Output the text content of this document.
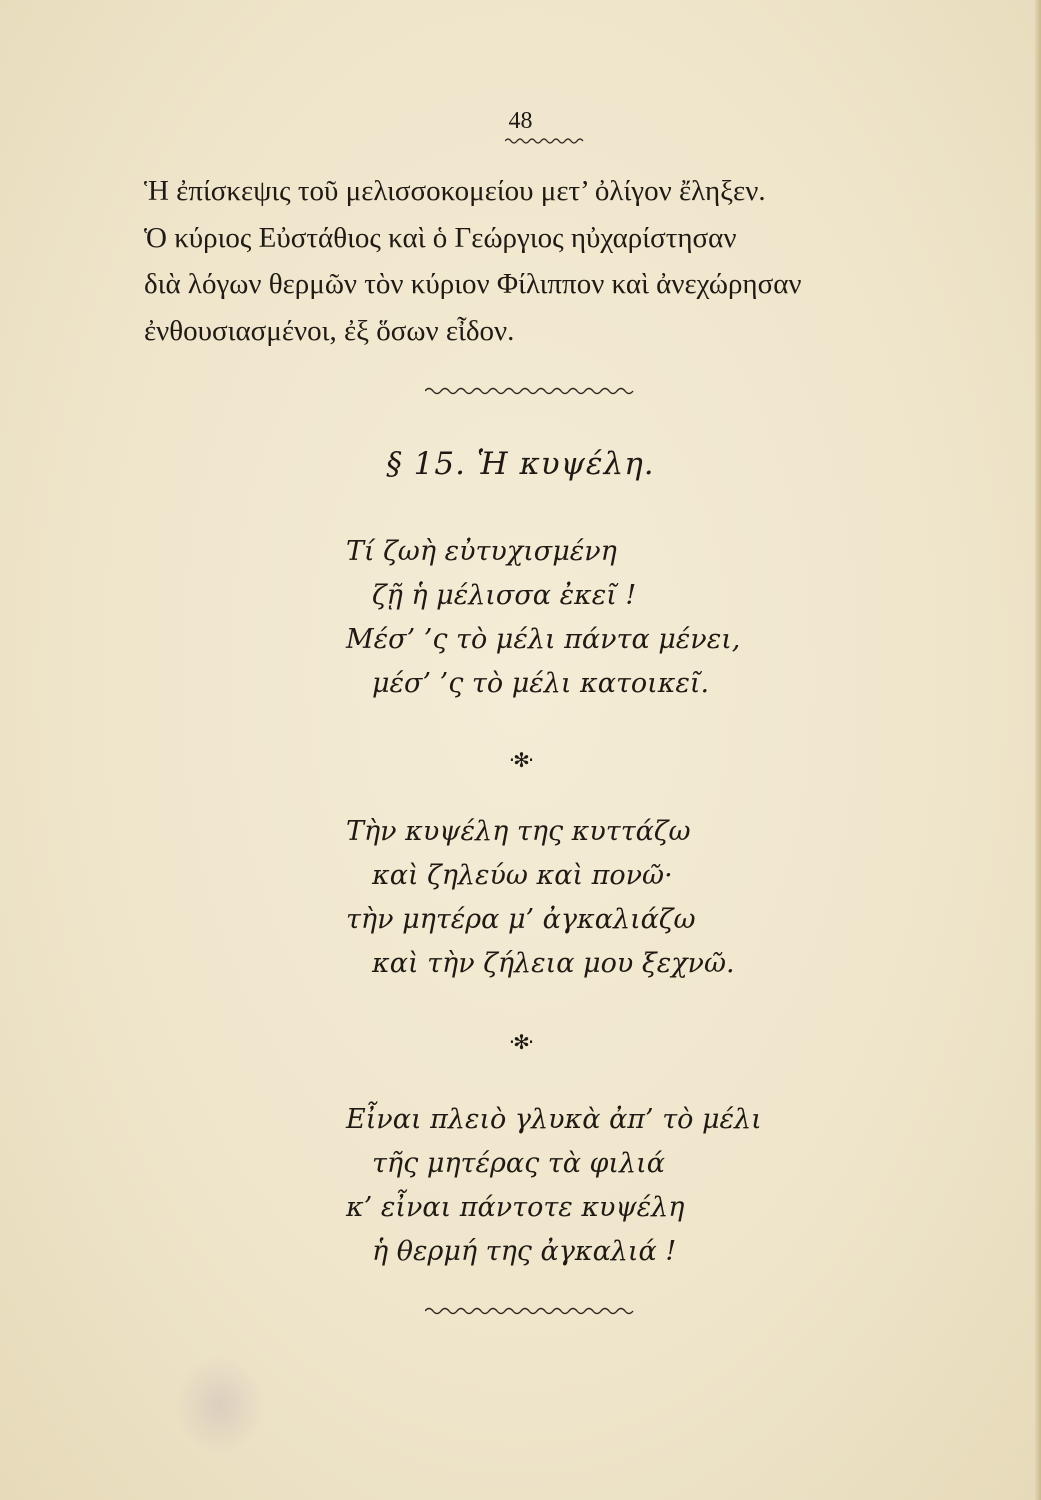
48

Ἡ ἐπίσκεψις τοῦ μελισσοκομείου μετ’ ὀλίγον ἔληξεν.

Ὁ κύριος Εὐστάθιος καὶ ὁ Γεώργιος ηὐχαρίστησαν

διὰ λόγων θερμῶν τὸν κύριον Φίλιππον καὶ ἀνεχώρησαν

ἐνθουσιασμένοι, ἐξ ὅσων εἶδον.

§ 15. Ἡ κυψέλη.
Τί ζωὴ εὐτυχισμένη
ζῇ ἡ μέλισσα ἐκεῖ !
Μέσ’ ’ς τὸ μέλι πάντα μένει,
μέσ’ ’ς τὸ μέλι κατοικεῖ.
·✻·
Τὴν κυψέλη της κυττάζω
καὶ ζηλεύω καὶ πονῶ·
τὴν μητέρα μ’ ἀγκαλιάζω
καὶ τὴν ζήλεια μου ξεχνῶ.
·✻·
Εἶναι πλειὸ γλυκὰ ἀπ’ τὸ μέλι
τῆς μητέρας τὰ φιλιά
κ’ εἶναι πάντοτε κυψέλη
ἡ θερμή της ἀγκαλιά !
